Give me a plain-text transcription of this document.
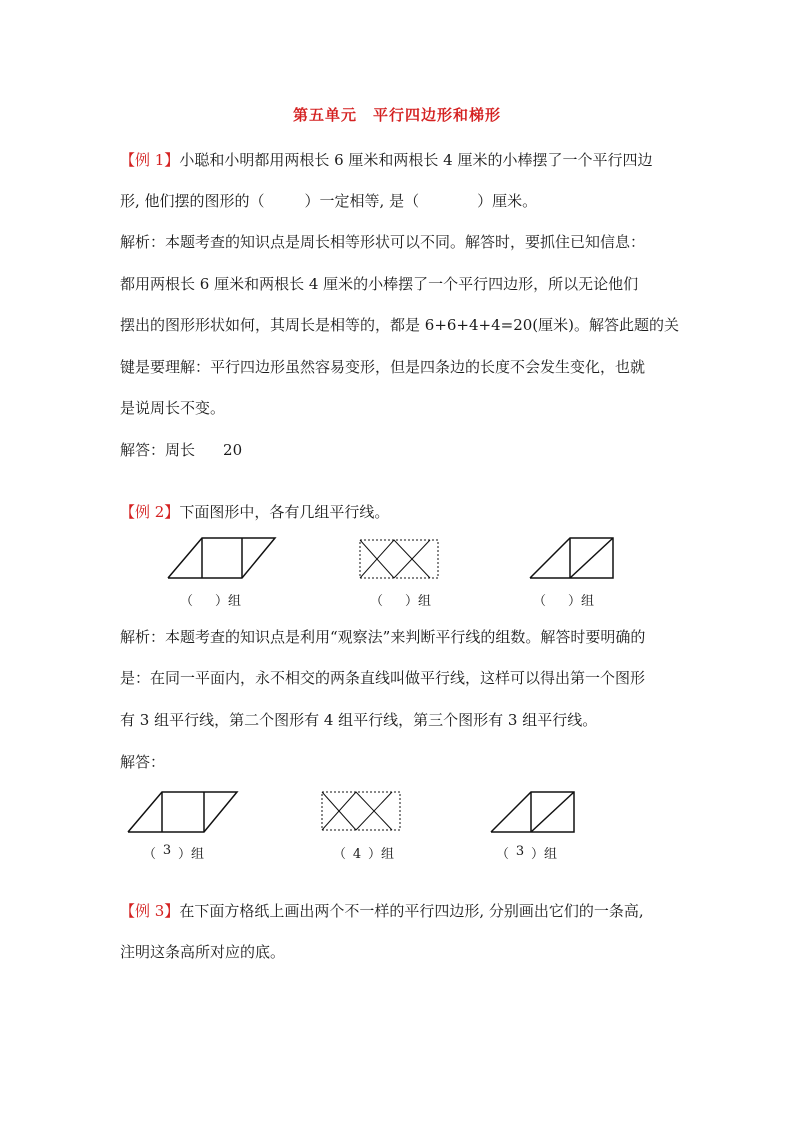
第五单元　平行四边形和梯形
【例 1】小聪和小明都用两根长 6 厘米和两根长 4 厘米的小棒摆了一个平行四边
形, 他们摆的图形的（	）一定相等, 是（	）厘米。
解析：本题考查的知识点是周长相等形状可以不同。解答时，要抓住已知信息：
都用两根长 6 厘米和两根长 4 厘米的小棒摆了一个平行四边形，所以无论他们
摆出的图形形状如何，其周长是相等的，都是 6+6+4+4=20(厘米)。解答此题的关
键是要理解：平行四边形虽然容易变形，但是四条边的长度不会发生变化，也就
是说周长不变。
解答：周长 20
【例 2】下面图形中，各有几组平行线。
（ ）组	（ ）组	（ ）组
解析：本题考查的知识点是利用“观察法”来判断平行线的组数。解答时要明确的
是：在同一平面内，永不相交的两条直线叫做平行线，这样可以得出第一个图形
有 3 组平行线，第二个图形有 4 组平行线，第三个图形有 3 组平行线。
解答：
（ 3 ）组	（ 4 ）组	（ 3 ）组
【例 3】在下面方格纸上画出两个不一样的平行四边形, 分别画出它们的一条高,
注明这条高所对应的底。
